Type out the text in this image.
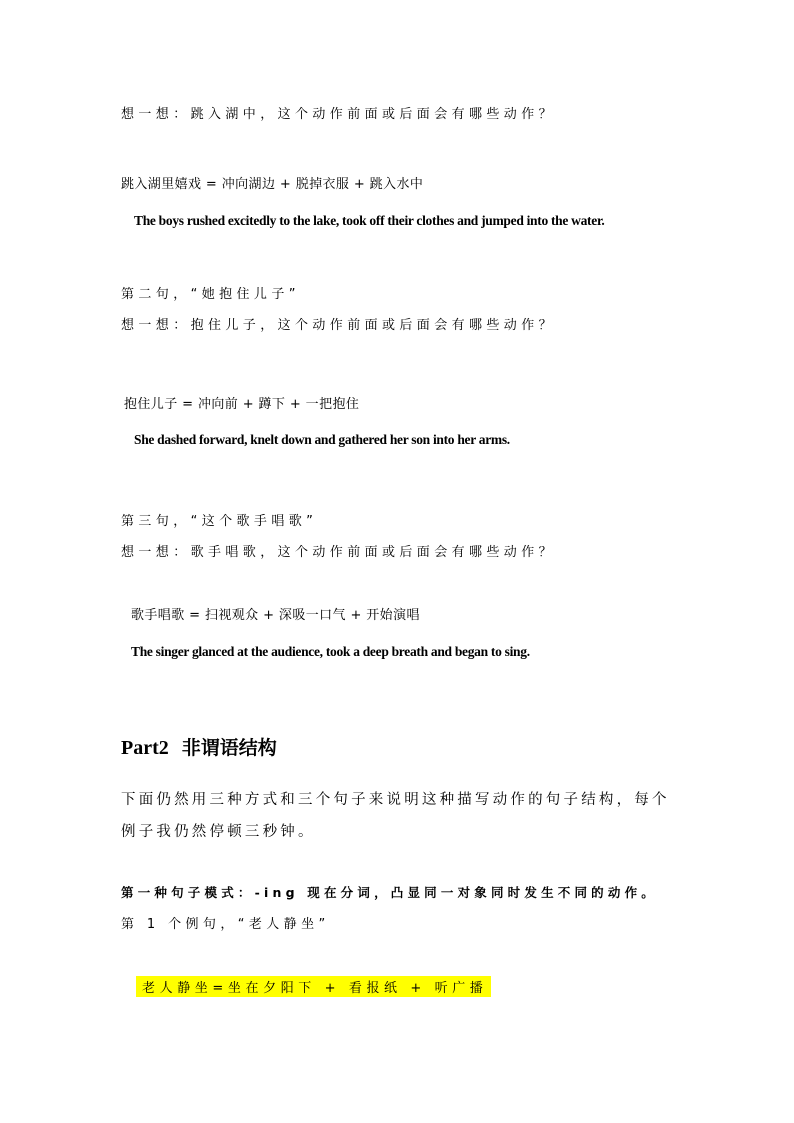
想一想：跳入湖中，这个动作前面或后面会有哪些动作？
跳入湖里嬉戏 = 冲向湖边 + 脱掉衣服 + 跳入水中
The boys rushed excitedly to the lake, took off their clothes and jumped into the water.
第二句，“她抱住儿子”
想一想：抱住儿子，这个动作前面或后面会有哪些动作？
抱住儿子 = 冲向前 + 蹲下 + 一把抱住
She dashed forward, knelt down and gathered her son into her arms.
第三句，“这个歌手唱歌”
想一想：歌手唱歌，这个动作前面或后面会有哪些动作？
歌手唱歌 = 扫视观众 + 深吸一口气 + 开始演唱
The singer glanced at the audience, took a deep breath and began to sing.
Part2 非谓语结构
下面仍然用三种方式和三个句子来说明这种描写动作的句子结构，每个
例子我仍然停顿三秒钟。
第一种句子模式：-ing 现在分词，凸显同一对象同时发生不同的动作。
第 1 个例句，“老人静坐”
老人静坐=坐在夕阳下 + 看报纸 + 听广播
